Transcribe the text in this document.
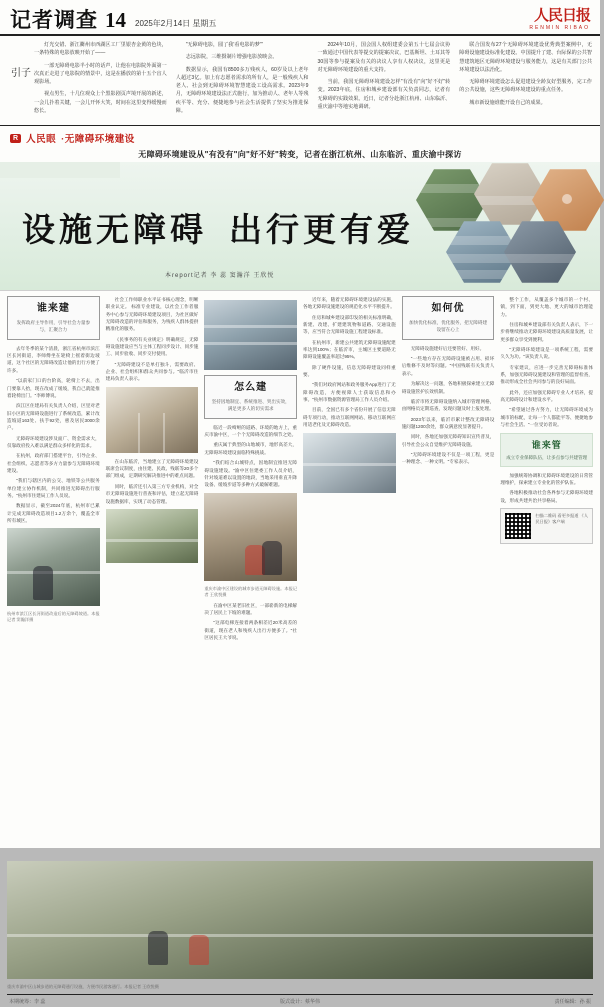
记者调查 14 2025年2月14日 星期五	人民日报
RENMIN RIBAO
引子

灯光交错、浙江衢州市西湖区工厂里银杏金黄的色块，一条特殊的电影放映开始了——

一部无障碍电影半小时的话声，让他在电影院外面第一次真正走进了电影院的情景中，这是在播放的第十五个盲人观影场。

视点男生，十几位观众上个黑影剧页声境开展的新述，一会儿扑着关键，一会儿开怀大笑，时间在这里变得缓慢而悠长。

"无障碍电影，圆了我'看电影的梦'"

志远影院，三维摄制片增强电影放映会。

数据显示，我国有8500多万残疾人，60岁及以上老年人超过3亿。加上有志愿者需求的所有人，是一般残疾人和老人、社会到无障碍环境智慧建设工设高需求。2023年9月，无障碍环境建设法正式施行，加为推动人、老年人等残疾平等、充分、便捷地参与社会生活提供了坚实为推进保障。

2024年10月，国会国人权组建委会第五十七届会议协一致通过中国代表等提交的提案决议，巴基斯坦、土耳其等30国等参与提案及有关的决议人享有人权决议，这里更是对无障碍环境建设的重大支持。

当前，我国无障碍环境建设怎样"有没有"向"好不好"转变。2023年底，住房和城乡建设部有关负责同志，记者有无障碍的实践效果。近日，记者分赴浙江杭州、山东临沂、重庆渝中等地实地调研。

联合国发布27个无障碍环境建设优秀典型案例中，无障碍设施建设标准化建设。中国提升了建、台际保的公共智慧建筑地区无障碍环境建设与服务能力，这是有关部门公共环境建设以法治化。

无障碍环境建设怎么促进建设全龄友好型服务，完工作的公共设施，这些无障碍环境建设的重点任务。

城市新设施谁能开设自己的成果。

R 人民眼 ·无障碍环境建设
无障碍环境建设从"有没有"向"好不好"转变，记者在浙江杭州、山东临沂、重庆渝中探访
设施无障碍 出行更有爱
本report记者 李 蕊 窦瀚洋 王欣悦
谁来建
发挥政府主导作用，引导社会力量参与，汇聚合力

去年冬季的某个清晨，浙江省杭州市滨江区长河街道，李师傅坐在轮椅上摇着街边坡道，这个社区的无障碍改造让他的出行方便了许多。

"以前家门口的台阶高，轮椅上不去，出门要靠人抬，现在改成了缓坡，我自己就能推着轮椅出门。"李师傅说。

滨江区住建局有关负责人介绍，区里对老旧小区的无障碍设施进行了系统改造，累计改造坡道163处、扶手92处，惠及居民3000余户。

无障碍环境建设涉及面广、资金需求大，仅靠政府投入难以满足群众多样化的需求。

在杭州，政府部门搭建平台，引导企业、社会组织、志愿者等多方力量参与无障碍环境建设。

"我们与辖区内的公交、地铁等公共服务单位建立协作机制，共同推进无障碍出行服务。"杭州市住建局工作人员说。

数据显示，截至2024年底，杭州市已累计完成无障碍改造项目1.2万余个，覆盖全市所有城区。

杭州市滨江区长河街道改造后的无障碍坡道。本报记者 窦瀚洋摄

社会工作师职业水平证书核心理念，明晰职业认定。 标准专业建设，以社会工作者服务中心参与无障碍环境建设项目，为社区做好无障碍改造的评估和服务，为残疾人群体提供精准化的服务。

《民事务的有关业规定》明确规定，无障碍设施建设应当与主体工程同步设计、同步施工、同步验收、同步交付使用。

"无障碍建设不是单打独斗，需要政府、企业、社会组织和群众共同参与。"临沂市住建局负责人表示。

在山东临沂，当地建立了无障碍环境建设联席会议制度，由住建、民政、残联等20多个部门组成，定期研究解决推进中的难点问题。

同时，临沂还引入第三方专业机构，对全市无障碍设施进行普查和评估，建立起无障碍设施数据库，实现了动态管理。

怎么建
坚持因地制宜、系统推进、突出实效，满足更多人的切实需求

临近一段崎岖的道路、环境的地方上，重庆市渝中区，一个个无障碍改造的细节之处。

重庆属于典型的山地城市，地形高差大，无障碍环境建设面临特殊挑战。

"我们结合山城特点，因地制宜推进无障碍设施建设。"渝中区住建委工作人员介绍，针对坡道难以设置的地段，当地采用垂直升降设备、缓坡步道等多种方式破解难题。

重庆市渝中区建设的城市步道无障碍设施。本报记者 王欣悦摄

在渝中区某老旧社区，一部崭新的电梯解决了居民上下坡的难题。

"这部电梯连接着两条相差近20米高差的街道，现在老人和残疾人出行方便多了。"社区居民王大爷说。

近年来，随着无障碍环境建设法的实施，各地无障碍设施建设的规范化水平不断提升。

住房和城乡建设部印发的相关标准明确，新建、改建、扩建建筑物和道路、交通设施等，应当符合无障碍设施工程建设标准。

在杭州市，新建公共建筑无障碍设施配建率达到100%；在临沂市，主城区主要道路无障碍设施覆盖率超过95%。

除了硬件设施，信息无障碍建设同样重要。

"我们对政府网站和政务服务App进行了无障碍改造，方便视障人士获取信息和办事。"杭州市数据资源管理局工作人员介绍。

目前，全国已有多个省份开展了信息无障碍专项行动，推动互联网网站、移动互联网应用适老化及无障碍改造。

如何优
加快优化标准，优化服务，把无障碍建设留在心上

无障碍设施建好后还要管好、用好。

"一些地方存在无障碍设施被占用、损坏后维修不及时等问题。"中国残联有关负责人表示。

为解决这一问题，各地积极探索建立无障碍设施管护长效机制。

临沂市将无障碍设施纳入城市管理网格，由网格员定期巡查，发现问题及时上报处理。

2023年以来，临沂市累计整改无障碍设施问题1200余处，群众满意度显著提升。

同时，各地还加强无障碍知识宣传普及，引导社会公众自觉维护无障碍设施。

"无障碍环境建设不仅是一项工程，更是一种理念、一种文明。"专家表示。

整个工作，从覆盖多个城市的一个村、镇，到下面，到更大地、更大的城市治理能力。

住房和城乡建设部有关负责人表示，下一步将继续推动无障碍环境建设高质量发展，让更多群众享受到便利。

"无障碍环境建设是一项系统工程，需要久久为功。"该负责人说。

专家建议，应进一步完善无障碍标准体系，加强无障碍设施建设和管理的监督检查，推动形成全社会共同参与的良好局面。

此外，还应加强无障碍专业人才培养，提高无障碍设计和建设水平。

"希望通过各方努力，让无障碍环境成为城市的标配，让每一个人都能平等、便捷地参与社会生活。"一位受访者说。

谁来管
成立专业保障队伍，让多点参与共建管理

加强统筹协调和无障碍环境建设的日常管理维护，探索建立专业化的管护队伍。

各地积极推动社会各界参与无障碍环境建设，形成共建共治共享格局。

扫描二维码 看更多报道 《人民日报》客户端
重庆市渝中区山城步道的无障碍通行设施，方便市民游客通行。本报记者 王欣悦摄
本期统筹：李 蕊	版式设计：蔡华伟	责任编辑：孙 振
